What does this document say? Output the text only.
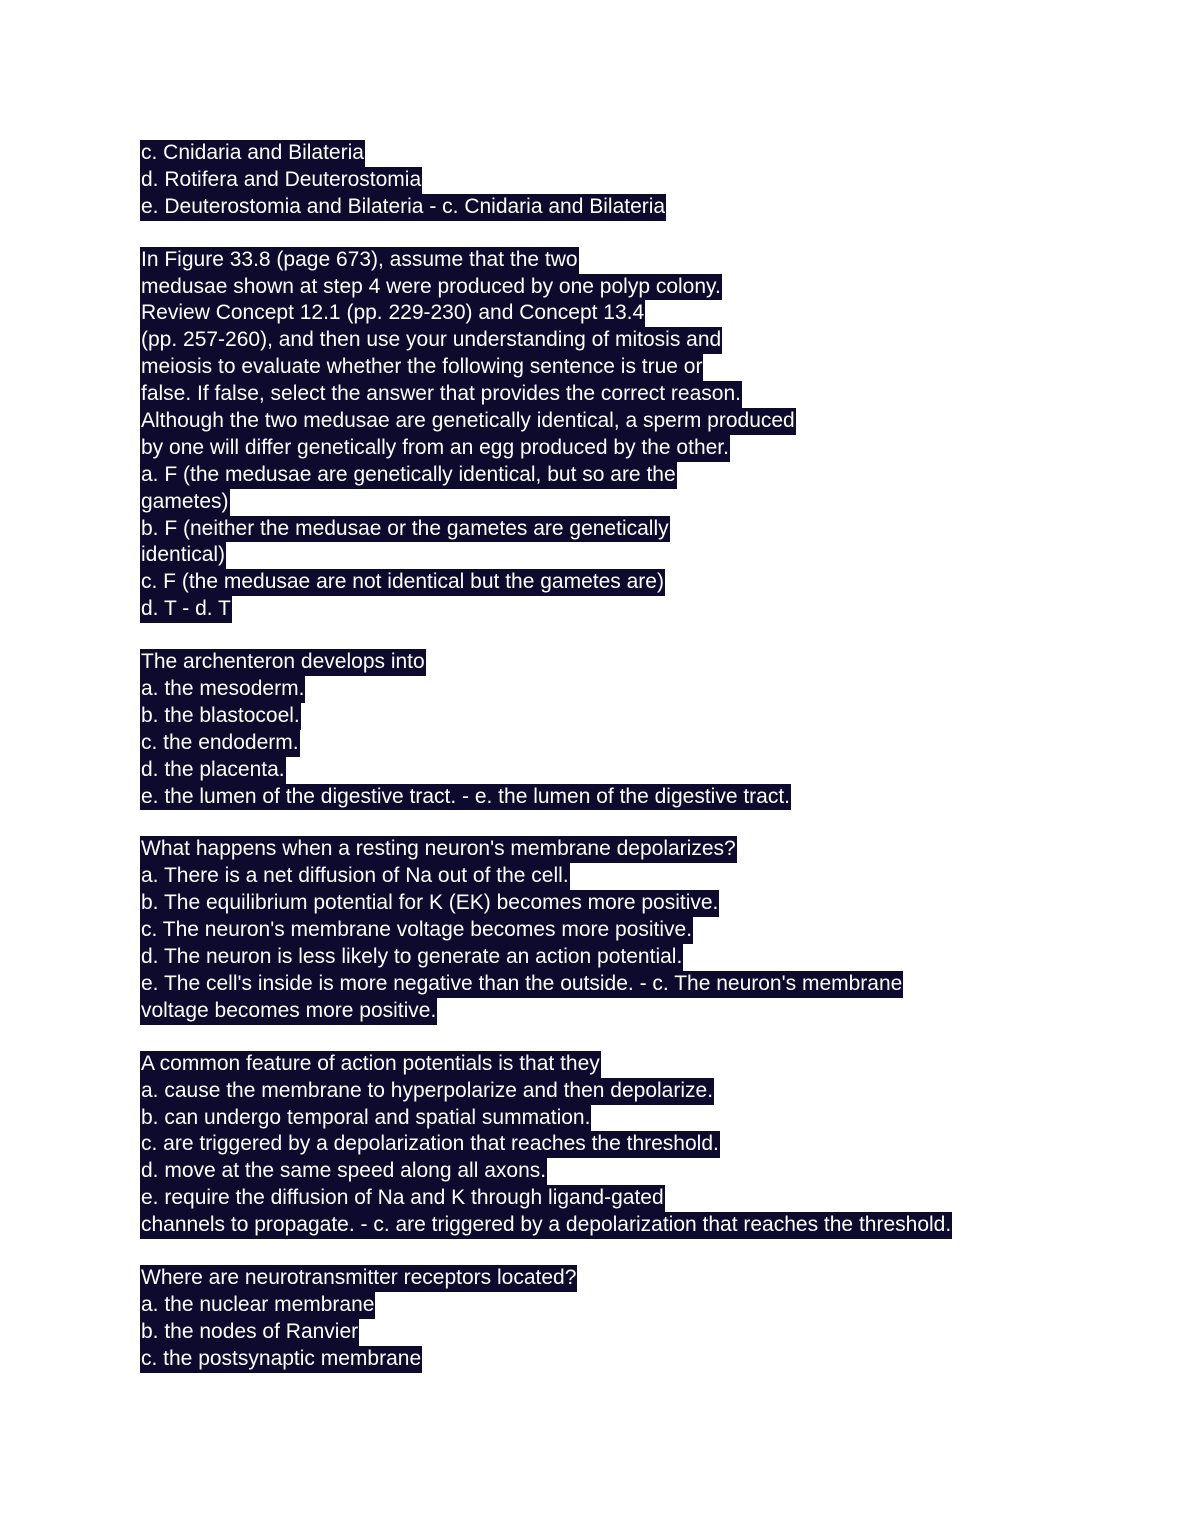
c. Cnidaria and Bilateria
d. Rotifera and Deuterostomia
e. Deuterostomia and Bilateria - c. Cnidaria and Bilateria
In Figure 33.8 (page 673), assume that the two
medusae shown at step 4 were produced by one polyp colony.
Review Concept 12.1 (pp. 229-230) and Concept 13.4
(pp. 257-260), and then use your understanding of mitosis and
meiosis to evaluate whether the following sentence is true or
false. If false, select the answer that provides the correct reason.
Although the two medusae are genetically identical, a sperm produced
by one will differ genetically from an egg produced by the other.
a. F (the medusae are genetically identical, but so are the
gametes)
b. F (neither the medusae or the gametes are genetically
identical)
c. F (the medusae are not identical but the gametes are)
d. T - d. T
The archenteron develops into
a. the mesoderm.
b. the blastocoel.
c. the endoderm.
d. the placenta.
e. the lumen of the digestive tract. - e. the lumen of the digestive tract.
What happens when a resting neuron's membrane depolarizes?
a. There is a net diffusion of Na out of the cell.
b. The equilibrium potential for K (EK) becomes more positive.
c. The neuron's membrane voltage becomes more positive.
d. The neuron is less likely to generate an action potential.
e. The cell's inside is more negative than the outside. - c. The neuron's membrane
voltage becomes more positive.
A common feature of action potentials is that they
a. cause the membrane to hyperpolarize and then depolarize.
b. can undergo temporal and spatial summation.
c. are triggered by a depolarization that reaches the threshold.
d. move at the same speed along all axons.
e. require the diffusion of Na and K through ligand-gated
channels to propagate. - c. are triggered by a depolarization that reaches the threshold.
Where are neurotransmitter receptors located?
a. the nuclear membrane
b. the nodes of Ranvier
c. the postsynaptic membrane
